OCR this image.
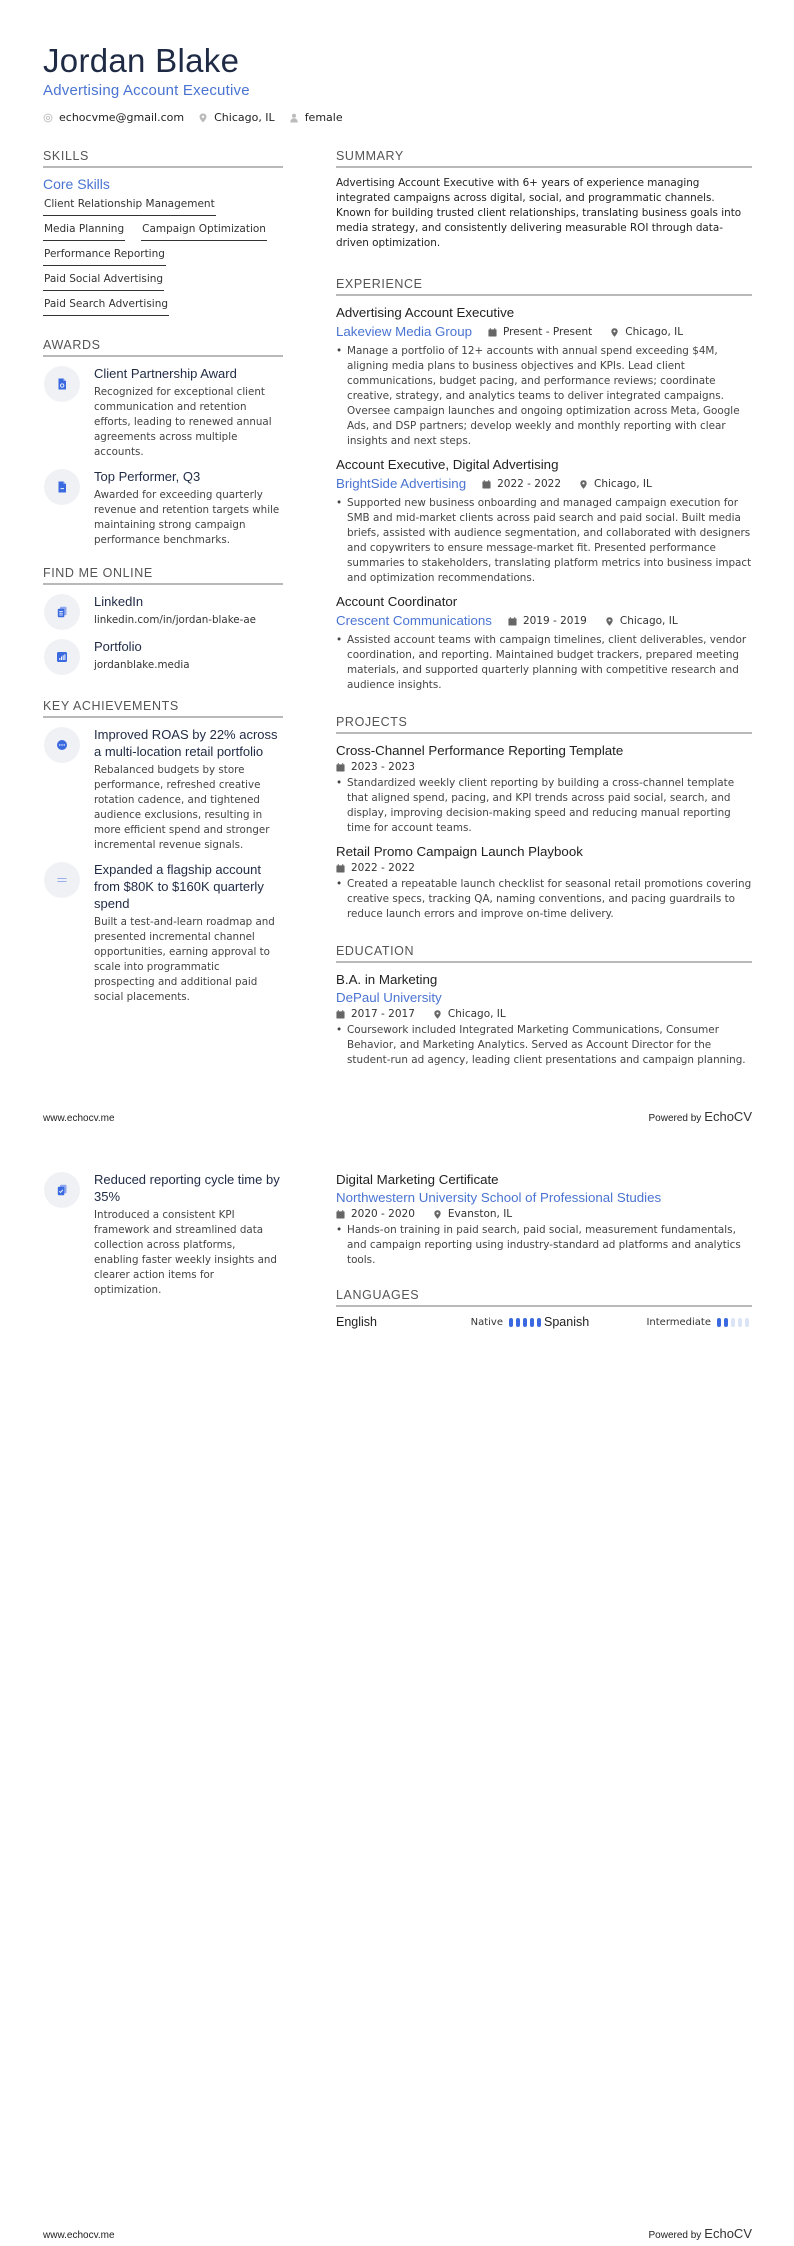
Jordan Blake
Advertising Account Executive
echocvme@gmail.com	Chicago, IL	female
SKILLS
Core Skills
Client Relationship Management
Media Planning Campaign Optimization
Performance Reporting
Paid Social Advertising
Paid Search Advertising
AWARDS
Client Partnership Award
Recognized for exceptional client communication and retention efforts, leading to renewed annual agreements across multiple accounts.
Top Performer, Q3
Awarded for exceeding quarterly revenue and retention targets while maintaining strong campaign performance benchmarks.
FIND ME ONLINE
LinkedIn
linkedin.com/in/jordan-blake-ae
Portfolio
jordanblake.media
KEY ACHIEVEMENTS
Improved ROAS by 22% across a multi-location retail portfolio
Rebalanced budgets by store performance, refreshed creative rotation cadence, and tightened audience exclusions, resulting in more efficient spend and stronger incremental revenue signals.
Expanded a flagship account from $80K to $160K quarterly spend
Built a test-and-learn roadmap and presented incremental channel opportunities, earning approval to scale into programmatic prospecting and additional paid social placements.
SUMMARY

Advertising Account Executive with 6+ years of experience managing integrated campaigns across digital, social, and programmatic channels. Known for building trusted client relationships, translating business goals into media strategy, and consistently delivering measurable ROI through data-driven optimization.

EXPERIENCE
Advertising Account Executive
Lakeview Media Group	Present - Present	Chicago, IL
• Manage a portfolio of 12+ accounts with annual spend exceeding $4M, aligning media plans to business objectives and KPIs. Lead client communications, budget pacing, and performance reviews; coordinate creative, strategy, and analytics teams to deliver integrated campaigns. Oversee campaign launches and ongoing optimization across Meta, Google Ads, and DSP partners; develop weekly and monthly reporting with clear insights and next steps.
Account Executive, Digital Advertising
BrightSide Advertising	2022 - 2022	Chicago, IL
• Supported new business onboarding and managed campaign execution for SMB and mid-market clients across paid search and paid social. Built media briefs, assisted with audience segmentation, and collaborated with designers and copywriters to ensure message-market fit. Presented performance summaries to stakeholders, translating platform metrics into business impact and optimization recommendations.
Account Coordinator
Crescent Communications	2019 - 2019	Chicago, IL
• Assisted account teams with campaign timelines, client deliverables, vendor coordination, and reporting. Maintained budget trackers, prepared meeting materials, and supported quarterly planning with competitive research and audience insights.
PROJECTS
Cross-Channel Performance Reporting Template
2023 - 2023
• Standardized weekly client reporting by building a cross-channel template that aligned spend, pacing, and KPI trends across paid social, search, and display, improving decision-making speed and reducing manual reporting time for account teams.
Retail Promo Campaign Launch Playbook
2022 - 2022
• Created a repeatable launch checklist for seasonal retail promotions covering creative specs, tracking QA, naming conventions, and pacing guardrails to reduce launch errors and improve on-time delivery.
EDUCATION
B.A. in Marketing
DePaul University
2017 - 2017	Chicago, IL
• Coursework included Integrated Marketing Communications, Consumer Behavior, and Marketing Analytics. Served as Account Director for the student-run ad agency, leading client presentations and campaign planning.
www.echocv.me	Powered by EchoCV
Reduced reporting cycle time by 35%
Introduced a consistent KPI framework and streamlined data collection across platforms, enabling faster weekly insights and clearer action items for optimization.
Digital Marketing Certificate
Northwestern University School of Professional Studies
2020 - 2020	Evanston, IL
• Hands-on training in paid search, paid social, measurement fundamentals, and campaign reporting using industry-standard ad platforms and analytics tools.
LANGUAGES
English	Native	Spanish	Intermediate
www.echocv.me	Powered by EchoCV
